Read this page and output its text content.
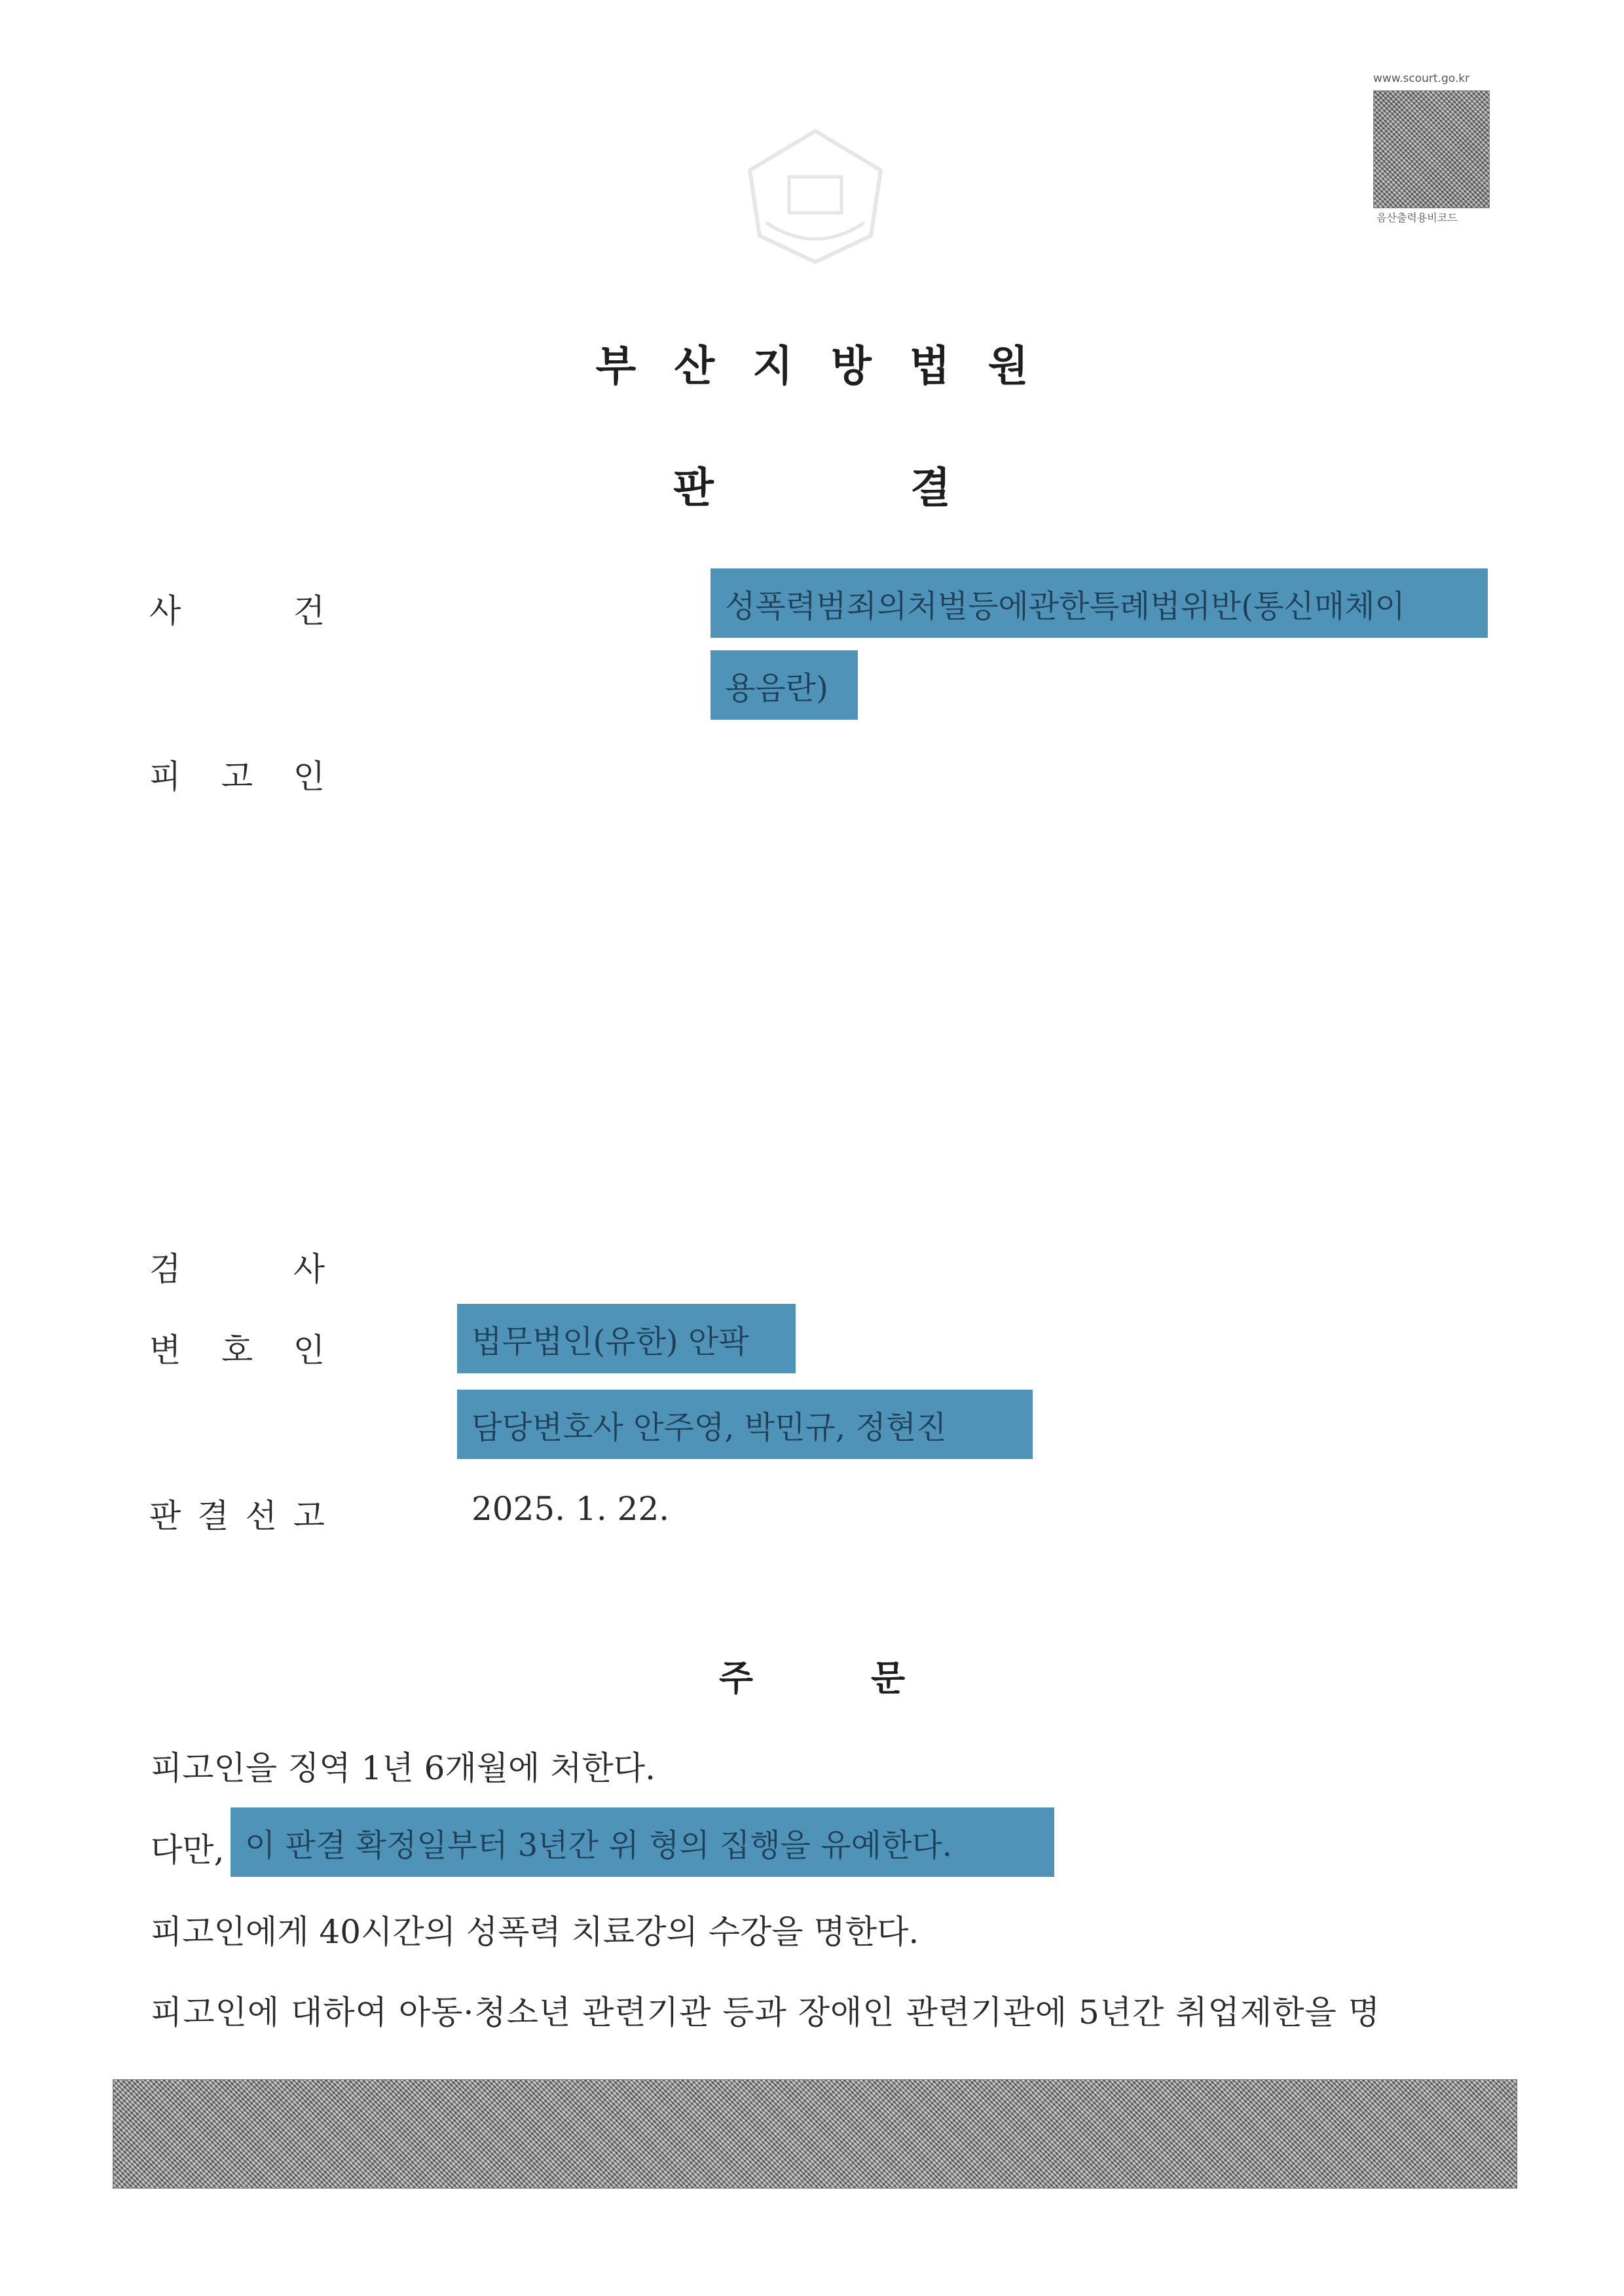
www.scourt.go.kr
음산출력용비코드
부산지방법원
판	결
사	건	성폭력범죄의처벌등에관한특례법위반(통신매체이
용음란)
피 고 인
검	사
변 호 인	법무법인(유한) 안팍
담당변호사 안주영, 박민규, 정현진
판 결 선 고	2025. 1. 22.
주	문
피고인을 징역 1년 6개월에 처한다.
다만, 이 판결 확정일부터 3년간 위 형의 집행을 유예한다.
피고인에게 40시간의 성폭력 치료강의 수강을 명한다.
피고인에 대하여 아동·청소년 관련기관 등과 장애인 관련기관에 5년간 취업제한을 명
